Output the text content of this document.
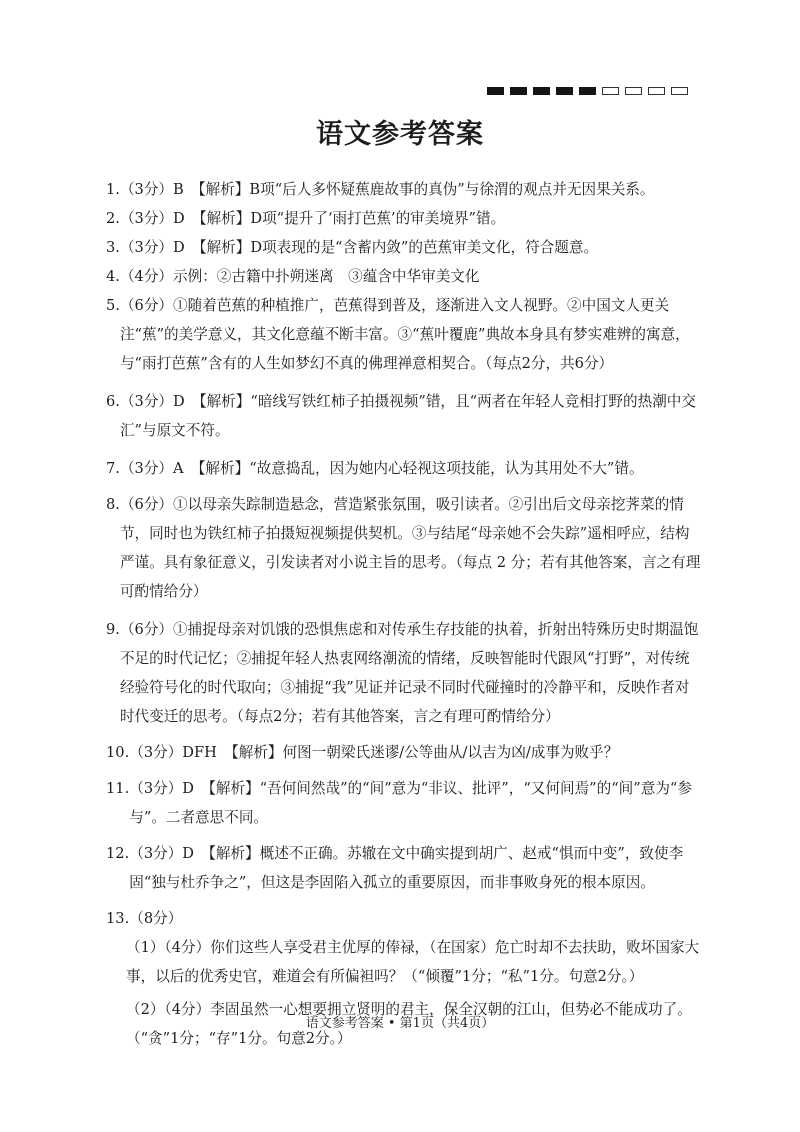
语文参考答案
1. （3分）B　【解析】B项“后人多怀疑蕉鹿故事的真伪”与徐渭的观点并无因果关系。
2. （3分）D　【解析】D项“提升了‘雨打芭蕉’的审美境界”错。
3. （3分）D　【解析】D项表现的是“含蓄内敛”的芭蕉审美文化，符合题意。
4. （4分）示例：②古籍中扑朔迷离　③蕴含中华审美文化
5. （6分）①随着芭蕉的种植推广，芭蕉得到普及，逐渐进入文人视野。②中国文人更关注“蕉”的美学意义，其文化意蕴不断丰富。③“蕉叶覆鹿”典故本身具有梦实难辨的寓意，与“雨打芭蕉”含有的人生如梦幻不真的佛理禅意相契合。（每点2分，共6分）
6. （3分）D　【解析】“暗线写铁红柿子拍摄视频”错，且“两者在年轻人竞相打野的热潮中交汇”与原文不符。
7. （3分）A　【解析】“故意捣乱，因为她内心轻视这项技能，认为其用处不大”错。
8. （6分）①以母亲失踪制造悬念，营造紧张氛围，吸引读者。②引出后文母亲挖荠菜的情节，同时也为铁红柿子拍摄短视频提供契机。③与结尾“母亲她不会失踪”遥相呼应，结构严谨。具有象征意义，引发读者对小说主旨的思考。（每点 2 分；若有其他答案，言之有理可酌情给分）
9. （6分）①捕捉母亲对饥饿的恐惧焦虑和对传承生存技能的执着，折射出特殊历史时期温饱不足的时代记忆；②捕捉年轻人热衷网络潮流的情绪，反映智能时代跟风“打野”，对传统经验符号化的时代取向；③捕捉“我”见证并记录不同时代碰撞时的冷静平和，反映作者对时代变迁的思考。（每点2分；若有其他答案，言之有理可酌情给分）
10. （3分）DFH　【解析】何图一朝梁氏迷谬/公等曲从/以吉为凶/成事为败乎？
11. （3分）D　【解析】“吾何间然哉”的“间”意为“非议、批评”，“又何间焉”的“间”意为“参与”。二者意思不同。
12. （3分）D　【解析】概述不正确。苏辙在文中确实提到胡广、赵戒“惧而中变”，致使李固“独与杜乔争之”，但这是李固陷入孤立的重要原因，而非事败身死的根本原因。
13. （8分）
（1）（4分）你们这些人享受君主优厚的俸禄，（在国家）危亡时却不去扶助，败坏国家大事，以后的优秀史官，难道会有所偏袒吗？（“倾覆”1分；“私”1分。句意2分。）
（2）（4分）李固虽然一心想要拥立贤明的君主，保全汉朝的江山，但势必不能成功了。（“贪”1分；“存”1分。句意2分。）
语文参考答案 • 第1页（共4页）
